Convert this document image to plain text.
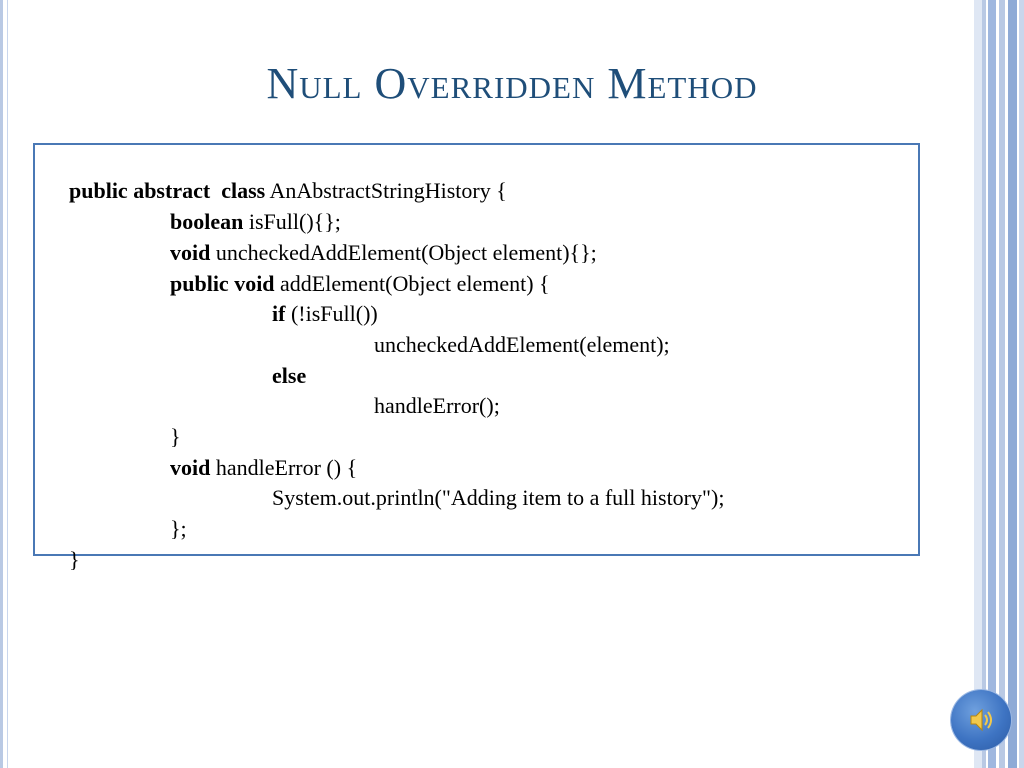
Null Overridden Method

public abstract class AnAbstractStringHistory {

boolean isFull(){};

void uncheckedAddElement(Object element){};

public void addElement(Object element) {

if (!isFull())

uncheckedAddElement(element);

else

handleError();

}

void handleError () {

System.out.println("Adding item to a full history");

};

}
